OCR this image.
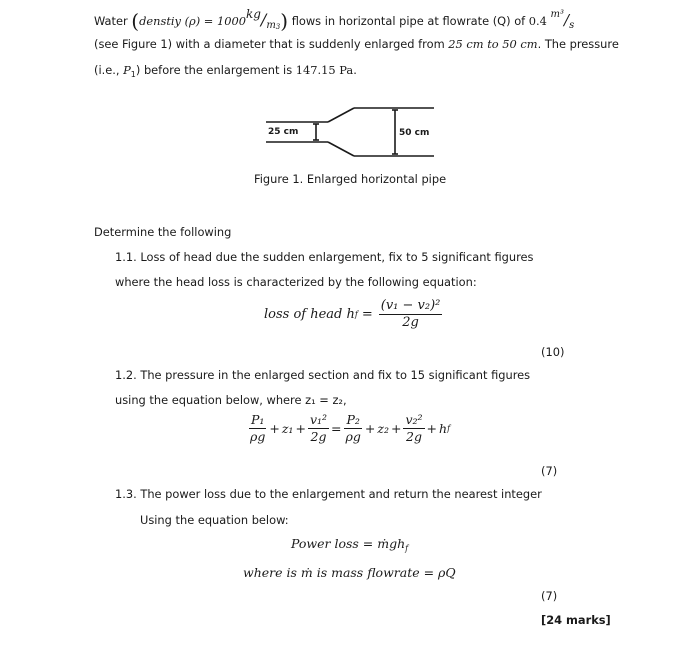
Water (denstiy $(\rho) = 1000kg/m_3$) flows in horizontal pipe at flowrate (Q) of 0.4 m³/s
(see Figure 1) with a diameter that is suddenly enlarged from 25 cm to 50 cm. The pressure
(i.e., $P_1$) before the enlargement is 147.15 Pa.
25 cm	50 cm
Figure 1. Enlarged horizontal pipe
Determine the following
1.1. Loss of head due the sudden enlargement, fix to 5 significant figures
where the head loss is characterized by the following equation:
loss of head h $f = \frac{\text{(v₁ − v₂)²}}{2g}$
(10)
1.2. The pressure in the enlarged section and fix to 15 significant figures
using the equation below, where z₁ = z₂,
$\frac{\text{P₁}}{\rho g} + z_1 + \frac{\text{v₁²}}{2g} = \frac{\text{P₂}}{\rho g} + z_2 + \frac{\text{v₂²}}{2g} + h$ f
(7)
1.3. The power loss due to the enlargement and return the nearest integer
Using the equation below:
Power loss = ṁgh$_f$
where is ṁ is mass flowrate = ρQ
(7)
[24 marks]
